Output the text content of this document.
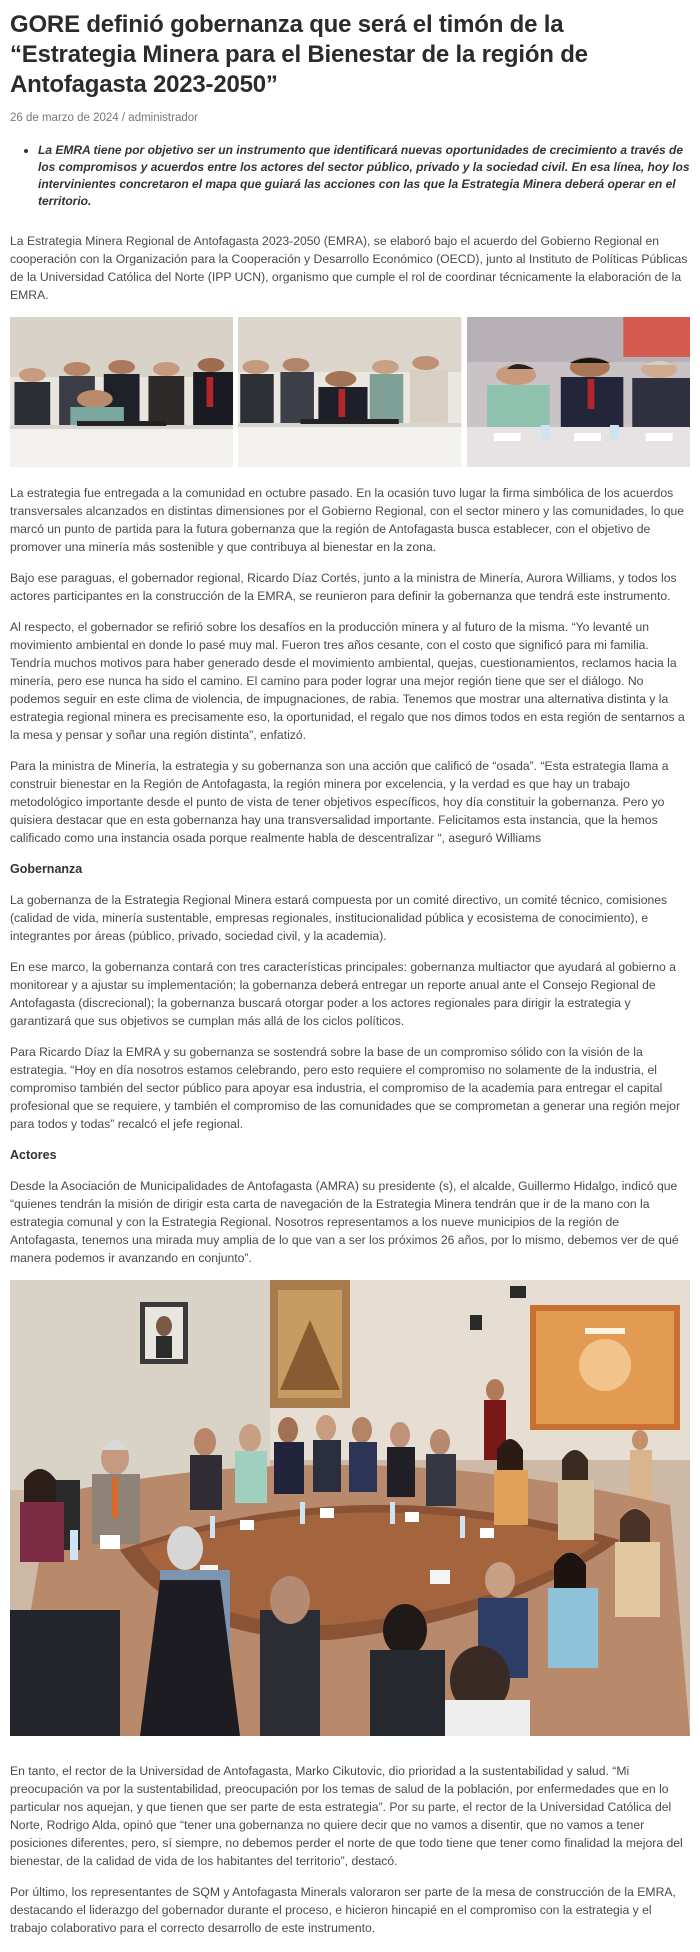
GORE definió gobernanza que será el timón de la “Estrategia Minera para el Bienestar de la región de Antofagasta 2023-2050”
26 de marzo de 2024 / administrador
• La EMRA tiene por objetivo ser un instrumento que identificará nuevas oportunidades de crecimiento a través de los compromisos y acuerdos entre los actores del sector público, privado y la sociedad civil. En esa línea, hoy los intervinientes concretaron el mapa que guiará las acciones con las que la Estrategia Minera deberá operar en el territorio.

La Estrategia Minera Regional de Antofagasta 2023-2050 (EMRA), se elaboró bajo el acuerdo del Gobierno Regional en cooperación con la Organización para la Cooperación y Desarrollo Económico (OECD), junto al Instituto de Políticas Públicas de la Universidad Católica del Norte (IPP UCN), organismo que cumple el rol de coordinar técnicamente la elaboración de la EMRA.

La estrategia fue entregada a la comunidad en octubre pasado. En la ocasión tuvo lugar la firma simbólica de los acuerdos transversales alcanzados en distintas dimensiones por el Gobierno Regional, con el sector minero y las comunidades, lo que marcó un punto de partida para la futura gobernanza que la región de Antofagasta busca establecer, con el objetivo de promover una minería más sostenible y que contribuya al bienestar en la zona.

Bajo ese paraguas, el gobernador regional, Ricardo Díaz Cortés, junto a la ministra de Minería, Aurora Williams, y todos los actores participantes en la construcción de la EMRA, se reunieron para definir la gobernanza que tendrá este instrumento.

Al respecto, el gobernador se refirió sobre los desafíos en la producción minera y al futuro de la misma. “Yo levanté un movimiento ambiental en donde lo pasé muy mal. Fueron tres años cesante, con el costo que significó para mi familia. Tendría muchos motivos para haber generado desde el movimiento ambiental, quejas, cuestionamientos, reclamos hacia la minería, pero ese nunca ha sido el camino. El camino para poder lograr una mejor región tiene que ser el diálogo. No podemos seguir en este clima de violencia, de impugnaciones, de rabia. Tenemos que mostrar una alternativa distinta y la estrategia regional minera es precisamente eso, la oportunidad, el regalo que nos dimos todos en esta región de sentarnos a la mesa y pensar y soñar una región distinta”, enfatizó.

Para la ministra de Minería, la estrategia y su gobernanza son una acción que calificó de “osada”. “Esta estrategia llama a construir bienestar en la Región de Antofagasta, la región minera por excelencia, y la verdad es que hay un trabajo metodológico importante desde el punto de vista de tener objetivos específicos, hoy día constituir la gobernanza. Pero yo quisiera destacar que en esta gobernanza hay una transversalidad importante. Felicitamos esta instancia, que la hemos calificado como una instancia osada porque realmente habla de descentralizar “, aseguró Williams

Gobernanza

La gobernanza de la Estrategia Regional Minera estará compuesta por un comité directivo, un comité técnico, comisiones (calidad de vida, minería sustentable, empresas regionales, institucionalidad pública y ecosistema de conocimiento), e integrantes por áreas (público, privado, sociedad civil, y la academia).

En ese marco, la gobernanza contará con tres características principales: gobernanza multiactor que ayudará al gobierno a monitorear y a ajustar su implementación; la gobernanza deberá entregar un reporte anual ante el Consejo Regional de Antofagasta (discrecional); la gobernanza buscará otorgar poder a los actores regionales para dirigir la estrategia y garantizará que sus objetivos se cumplan más allá de los ciclos políticos.

Para Ricardo Díaz la EMRA y su gobernanza se sostendrá sobre la base de un compromiso sólido con la visión de la estrategia. “Hoy en día nosotros estamos celebrando, pero esto requiere el compromiso no solamente de la industria, el compromiso también del sector público para apoyar esa industria, el compromiso de la academia para entregar el capital profesional que se requiere, y también el compromiso de las comunidades que se comprometan a generar una región mejor para todos y todas” recalcó el jefe regional.

Actores

Desde la Asociación de Municipalidades de Antofagasta (AMRA) su presidente (s), el alcalde, Guillermo Hidalgo, indicó que “quienes tendrán la misión de dirigir esta carta de navegación de la Estrategia Minera tendrán que ir de la mano con la estrategia comunal y con la Estrategia Regional. Nosotros representamos a los nueve municipios de la región de Antofagasta, tenemos una mirada muy amplia de lo que van a ser los próximos 26 años, por lo mismo, debemos ver de qué manera podemos ir avanzando en conjunto”.

En tanto, el rector de la Universidad de Antofagasta, Marko Cikutovic, dio prioridad a la sustentabilidad y salud. “Mi preocupación va por la sustentabilidad, preocupación por los temas de salud de la población, por enfermedades que en lo particular nos aquejan, y que tienen que ser parte de esta estrategia”. Por su parte, el rector de la Universidad Católica del Norte, Rodrigo Alda, opinó que “tener una gobernanza no quiere decir que no vamos a disentir, que no vamos a tener posiciones diferentes, pero, sí siempre, no debemos perder el norte de que todo tiene que tener como finalidad la mejora del bienestar, de la calidad de vida de los habitantes del territorio”, destacó.

Por último, los representantes de SQM y Antofagasta Minerals valoraron ser parte de la mesa de construcción de la EMRA, destacando el liderazgo del gobernador durante el proceso, e hicieron hincapié en el compromiso con la estrategia y el trabajo colaborativo para el correcto desarrollo de este instrumento.
